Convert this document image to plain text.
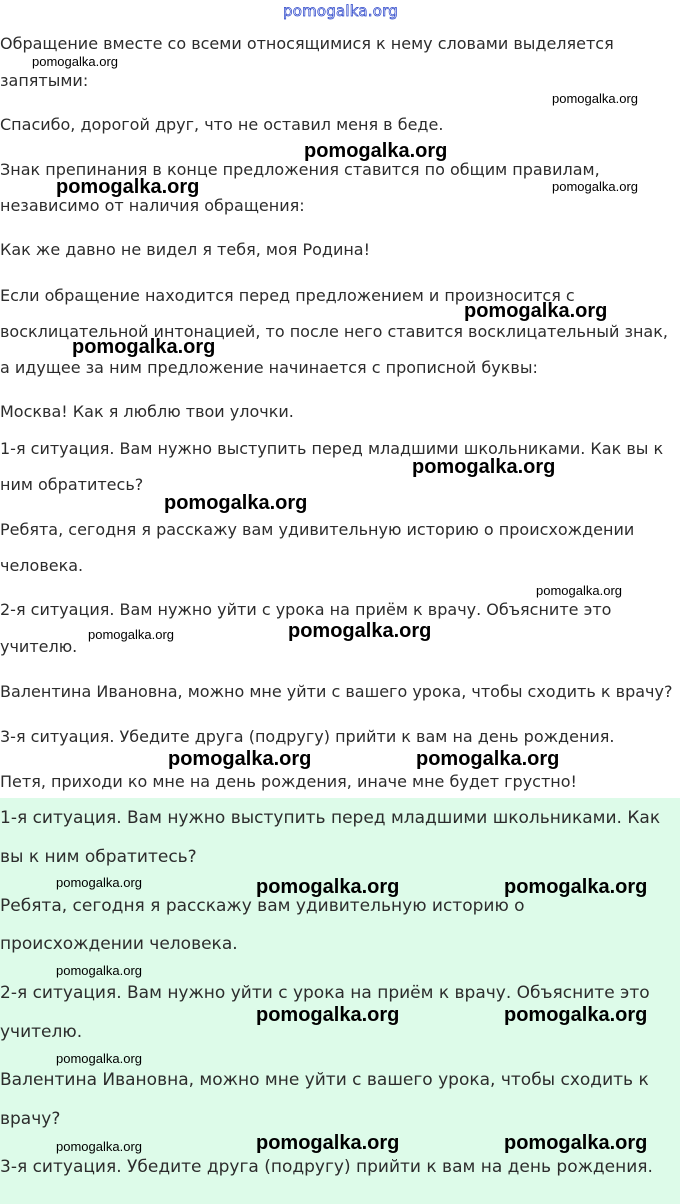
pomogalka.org

Обращение вместе со всеми относящимися к нему словами выделяется

запятыми:

Спасибо, дорогой друг, что не оставил меня в беде.

Знак препинания в конце предложения ставится по общим правилам,

независимо от наличия обращения:

Как же давно не видел я тебя, моя Родина!

Если обращение находится перед предложением и произносится с

восклицательной интонацией, то после него ставится восклицательный знак,

а идущее за ним предложение начинается с прописной буквы:

Москва! Как я люблю твои улочки.

1-я ситуация. Вам нужно выступить перед младшими школьниками. Как вы к

ним обратитесь?

Ребята, сегодня я расскажу вам удивительную историю о происхождении

человека.

2-я ситуация. Вам нужно уйти с урока на приём к врачу. Объясните это

учителю.

Валентина Ивановна, можно мне уйти с вашего урока, чтобы сходить к врачу?

3-я ситуация. Убедите друга (подругу) прийти к вам на день рождения.

Петя, приходи ко мне на день рождения, иначе мне будет грустно!

1-я ситуация. Вам нужно выступить перед младшими школьниками. Как

вы к ним обратитесь?

Ребята, сегодня я расскажу вам удивительную историю о

происхождении человека.

2-я ситуация. Вам нужно уйти с урока на приём к врачу. Объясните это

учителю.

Валентина Ивановна, можно мне уйти с вашего урока, чтобы сходить к

врачу?

3-я ситуация. Убедите друга (подругу) прийти к вам на день рождения.

pomogalka.org
pomogalka.org
pomogalka.org
pomogalka.org	pomogalka.org
pomogalka.org
pomogalka.org
pomogalka.org
pomogalka.org
pomogalka.org
pomogalka.org
pomogalka.org
pomogalka.org	pomogalka.org
pomogalka.org	pomogalka.org	pomogalka.org
pomogalka.org
pomogalka.org	pomogalka.org
pomogalka.org
pomogalka.org	pomogalka.org	pomogalka.org
